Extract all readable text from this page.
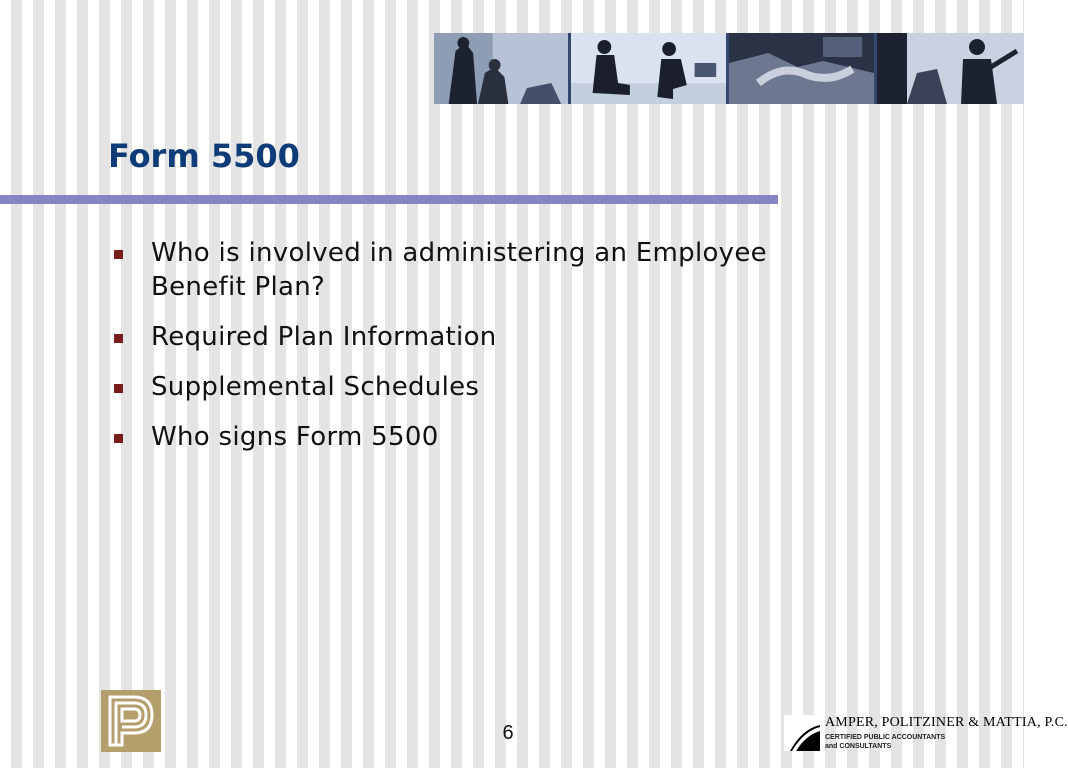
Form 5500
Who is involved in administering an Employee Benefit Plan?
Required Plan Information
Supplemental Schedules
Who signs Form 5500
6	AMPER, POLITZINER & MATTIA, P.C.
CERTIFIED PUBLIC ACCOUNTANTS
and CONSULTANTS
